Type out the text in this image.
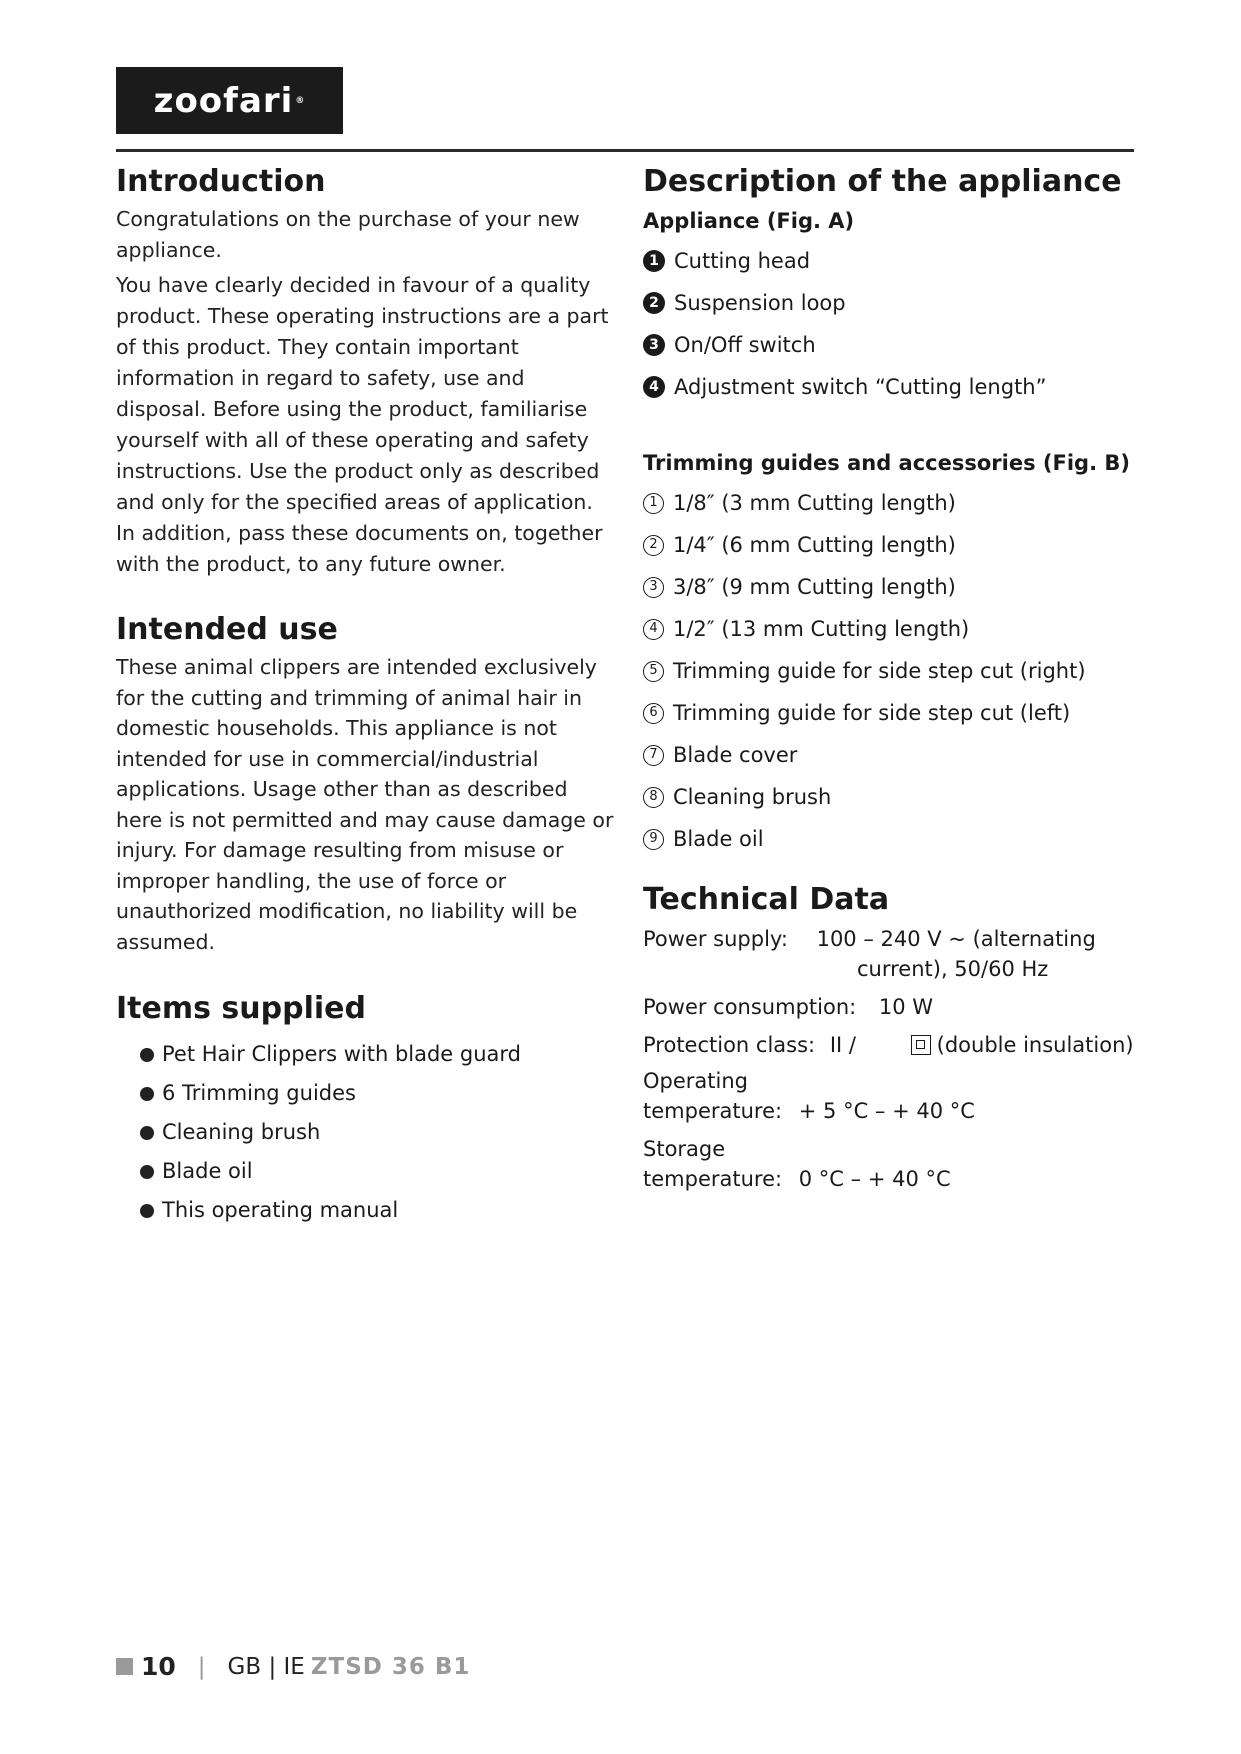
zoofari ®
Introduction

Congratulations on the purchase of your new appliance.

You have clearly decided in favour of a quality product. These operating instructions are a part of this product. They contain important information in regard to safety, use and disposal. Before using the product, familiarise yourself with all of these operating and safety instructions. Use the product only as described and only for the specified areas of application. In addition, pass these documents on, together with the product, to any future owner.

Intended use

These animal clippers are intended exclusively for the cutting and trimming of animal hair in domestic households. This appliance is not intended for use in commercial/industrial applications. Usage other than as described here is not permitted and may cause damage or injury. For damage resulting from misuse or improper handling, the use of force or unauthorized modification, no liability will be assumed.

Items supplied
Pet Hair Clippers with blade guard
6 Trimming guides
Cleaning brush
Blade oil
This operating manual
Description of the appliance
Appliance (Fig. A)
1 Cutting head
2 Suspension loop
3 On/Off switch
4 Adjustment switch “Cutting length”
Trimming guides and accessories (Fig. B)
1 1/8″ (3 mm Cutting length)
2 1/4″ (6 mm Cutting length)
3 3/8″ (9 mm Cutting length)
4 1/2″ (13 mm Cutting length)
5 Trimming guide for side step cut (right)
6 Trimming guide for side step cut (left)
7 Blade cover
8 Cleaning brush
9 Blade oil
Technical Data
Power supply: 100 – 240 V ~ (alternating
current), 50/60 Hz
Power consumption: 10 W
Protection class: II /	(double insulation)
Operating
temperature: + 5 °C – + 40 °C
Storage
temperature: 0 °C – + 40 °C
10 | GB | IE ZTSD 36 B1
